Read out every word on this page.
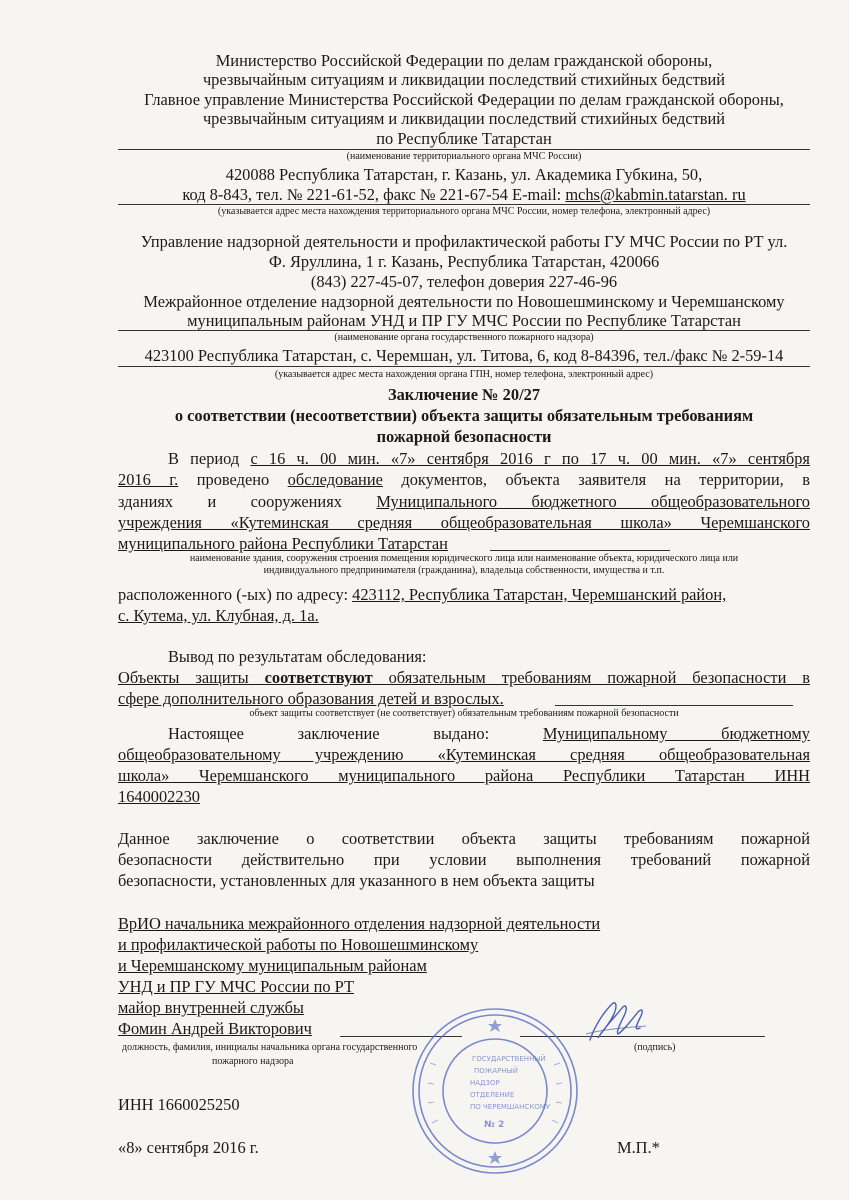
Министерство Российской Федерации по делам гражданской обороны,
чрезвычайным ситуациям и ликвидации последствий стихийных бедствий
Главное управление Министерства Российской Федерации по делам гражданской обороны,
чрезвычайным ситуациям и ликвидации последствий стихийных бедствий
по Республике Татарстан
(наименование территориального органа МЧС России)
420088 Республика Татарстан, г. Казань, ул. Академика Губкина, 50,
код 8-843, тел. № 221-61-52, факс № 221-67-54 E-mail: mchs@kabmin.tatarstan. ru
(указывается адрес места нахождения территориального органа МЧС России, номер телефона, электронный адрес)
Управление надзорной деятельности и профилактической работы ГУ МЧС России по РТ ул.
Ф. Яруллина, 1 г. Казань, Республика Татарстан, 420066
(843) 227-45-07, телефон доверия 227-46-96
Межрайонное отделение надзорной деятельности по Новошешминскому и Черемшанскому
муниципальным районам УНД и ПР ГУ МЧС России по Республике Татарстан
(наименование органа государственного пожарного надзора)
423100 Республика Татарстан, с. Черемшан, ул. Титова, 6, код 8-84396, тел./факс № 2-59-14
(указывается адрес места нахождения органа ГПН, номер телефона, электронный адрес)
Заключение № 20/27
о соответствии (несоответствии) объекта защиты обязательным требованиям
пожарной безопасности
В период с 16 ч. 00 мин. «7» сентября 2016 г по 17 ч. 00 мин. «7» сентября
2016 г. проведено обследование документов, объекта заявителя на территории, в
зданиях и сооружениях Муниципального бюджетного общеобразовательного
учреждения «Кутеминская средняя общеобразовательная школа» Черемшанского
муниципального района Республики Татарстан
наименование здания, сооружения строения помещения юридического лица или наименование объекта, юридического лица или
индивидуального предпринимателя (гражданина), владельца собственности, имущества и т.п.
расположенного (-ых) по адресу: 423112, Республика Татарстан, Черемшанский район,
с. Кутема, ул. Клубная, д. 1а.
Вывод по результатам обследования:
Объекты защиты соответствуют обязательным требованиям пожарной безопасности в
сфере дополнительного образования детей и взрослых.
объект защиты соответствует (не соответствует) обязательным требованиям пожарной безопасности
Настоящее заключение выдано: Муниципальному бюджетному
общеобразовательному учреждению «Кутеминская средняя общеобразовательная
школа» Черемшанского муниципального района Республики Татарстан ИНН
1640002230
Данное заключение о соответствии объекта защиты требованиям пожарной
безопасности действительно при условии выполнения требований пожарной
безопасности, установленных для указанного в нем объекта защиты
ВрИО начальника межрайонного отделения надзорной деятельности
и профилактической работы по Новошешминскому
и Черемшанскому муниципальным районам
УНД и ПР ГУ МЧС России по РТ
майор внутренней службы
Фомин Андрей Викторович
должность, фамилия, инициалы начальника органа государственного
пожарного надзора
(подпись)
ИНН 1660025250
«8» сентября 2016 г.	М.П.*
ГОСУДАРСТВЕННЫЙ
ПОЖАРНЫЙ
НАДЗОР
ОТДЕЛЕНИЕ
ПО ЧЕРЕМШАНСКОМУ
№ 2
